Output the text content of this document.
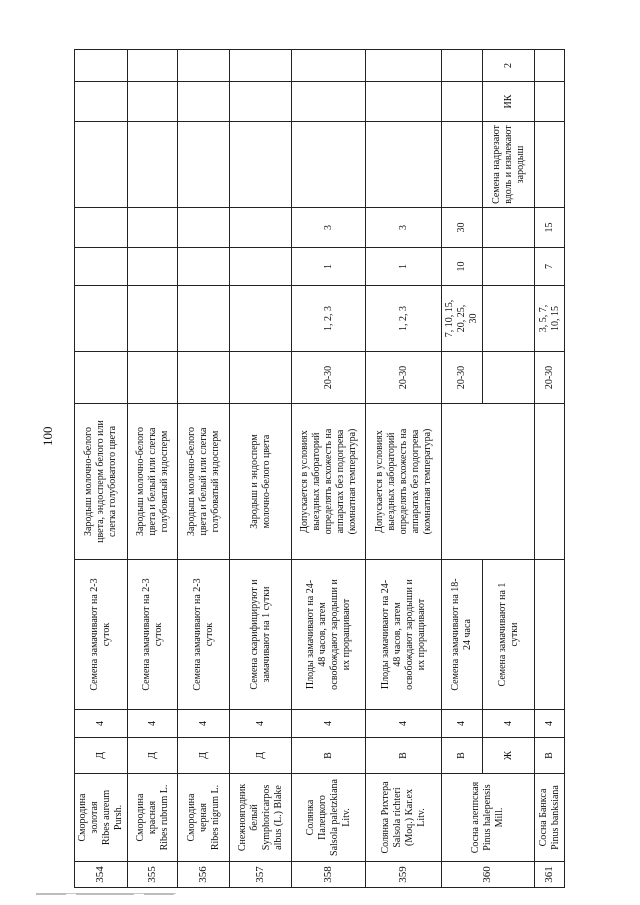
100
354	Смородина
золотая
Ribes aureum
Pursh.	Д	4	Семена замачивают на 2-3
суток	Зародыш молочно-белого
цвета, эндосперм белого или
слегка голубоватого цвета							
355	Смородина
красная
Ribes rubrum L.	Д	4	Семена замачивают на 2-3
суток	Зародыш молочно-белого
цвета и белый или слегка
голубоватый эндосперм							
356	Смородина
черная
Ribes nigrum L.	Д	4	Семена замачивают на 2-3
суток	Зародыш молочно-белого
цвета и белый или слегка
голубоватый эндосперм							
357	Снежноягодник
белый
Symphoricarpos
albus (L.) Blake	Д	4	Семена скарифицируют и
замачивают на 1 сутки	Зародыш и эндосперм
молочно-белого цвета							
358	Солянка
Палецкого
Salsola paletzkiana
Litv.	В	4	Плоды замачивают на 24-
48 часов, затем
освобождают зародыши и
их проращивают	Допускается в условиях
выездных лабораторий
определять всхожесть на
аппаратах без подогрева
(комнатная температура)	20-30	1, 2, 3	1	3			
359	Солянка Рихтера
Salsola richteri
(Moq.) Kar.ex
Litv.	В	4	Плоды замачивают на 24-
48 часов, затем
освобождают зародыши и
их проращивают	Допускается в условиях
выездных лабораторий
определять всхожесть на
аппаратах без подогрева
(комнатная температура)	20-30	1, 2, 3	1	3			
360	Сосна алеппская
Pinus halepensis
Mill.	В	4	Семена замачивают на 18-
24 часа		20-30	7, 10, 15,
20, 25,
30	10	30			
		Ж	4	Семена замачивают на 1
сутки						Семена надрезают
вдоль и извлекают
зародыш	ИК	2
361	Сосна Банкса
Pinus banksiana	В	4			20-30	3, 5, 7,
10, 15	7	15			
